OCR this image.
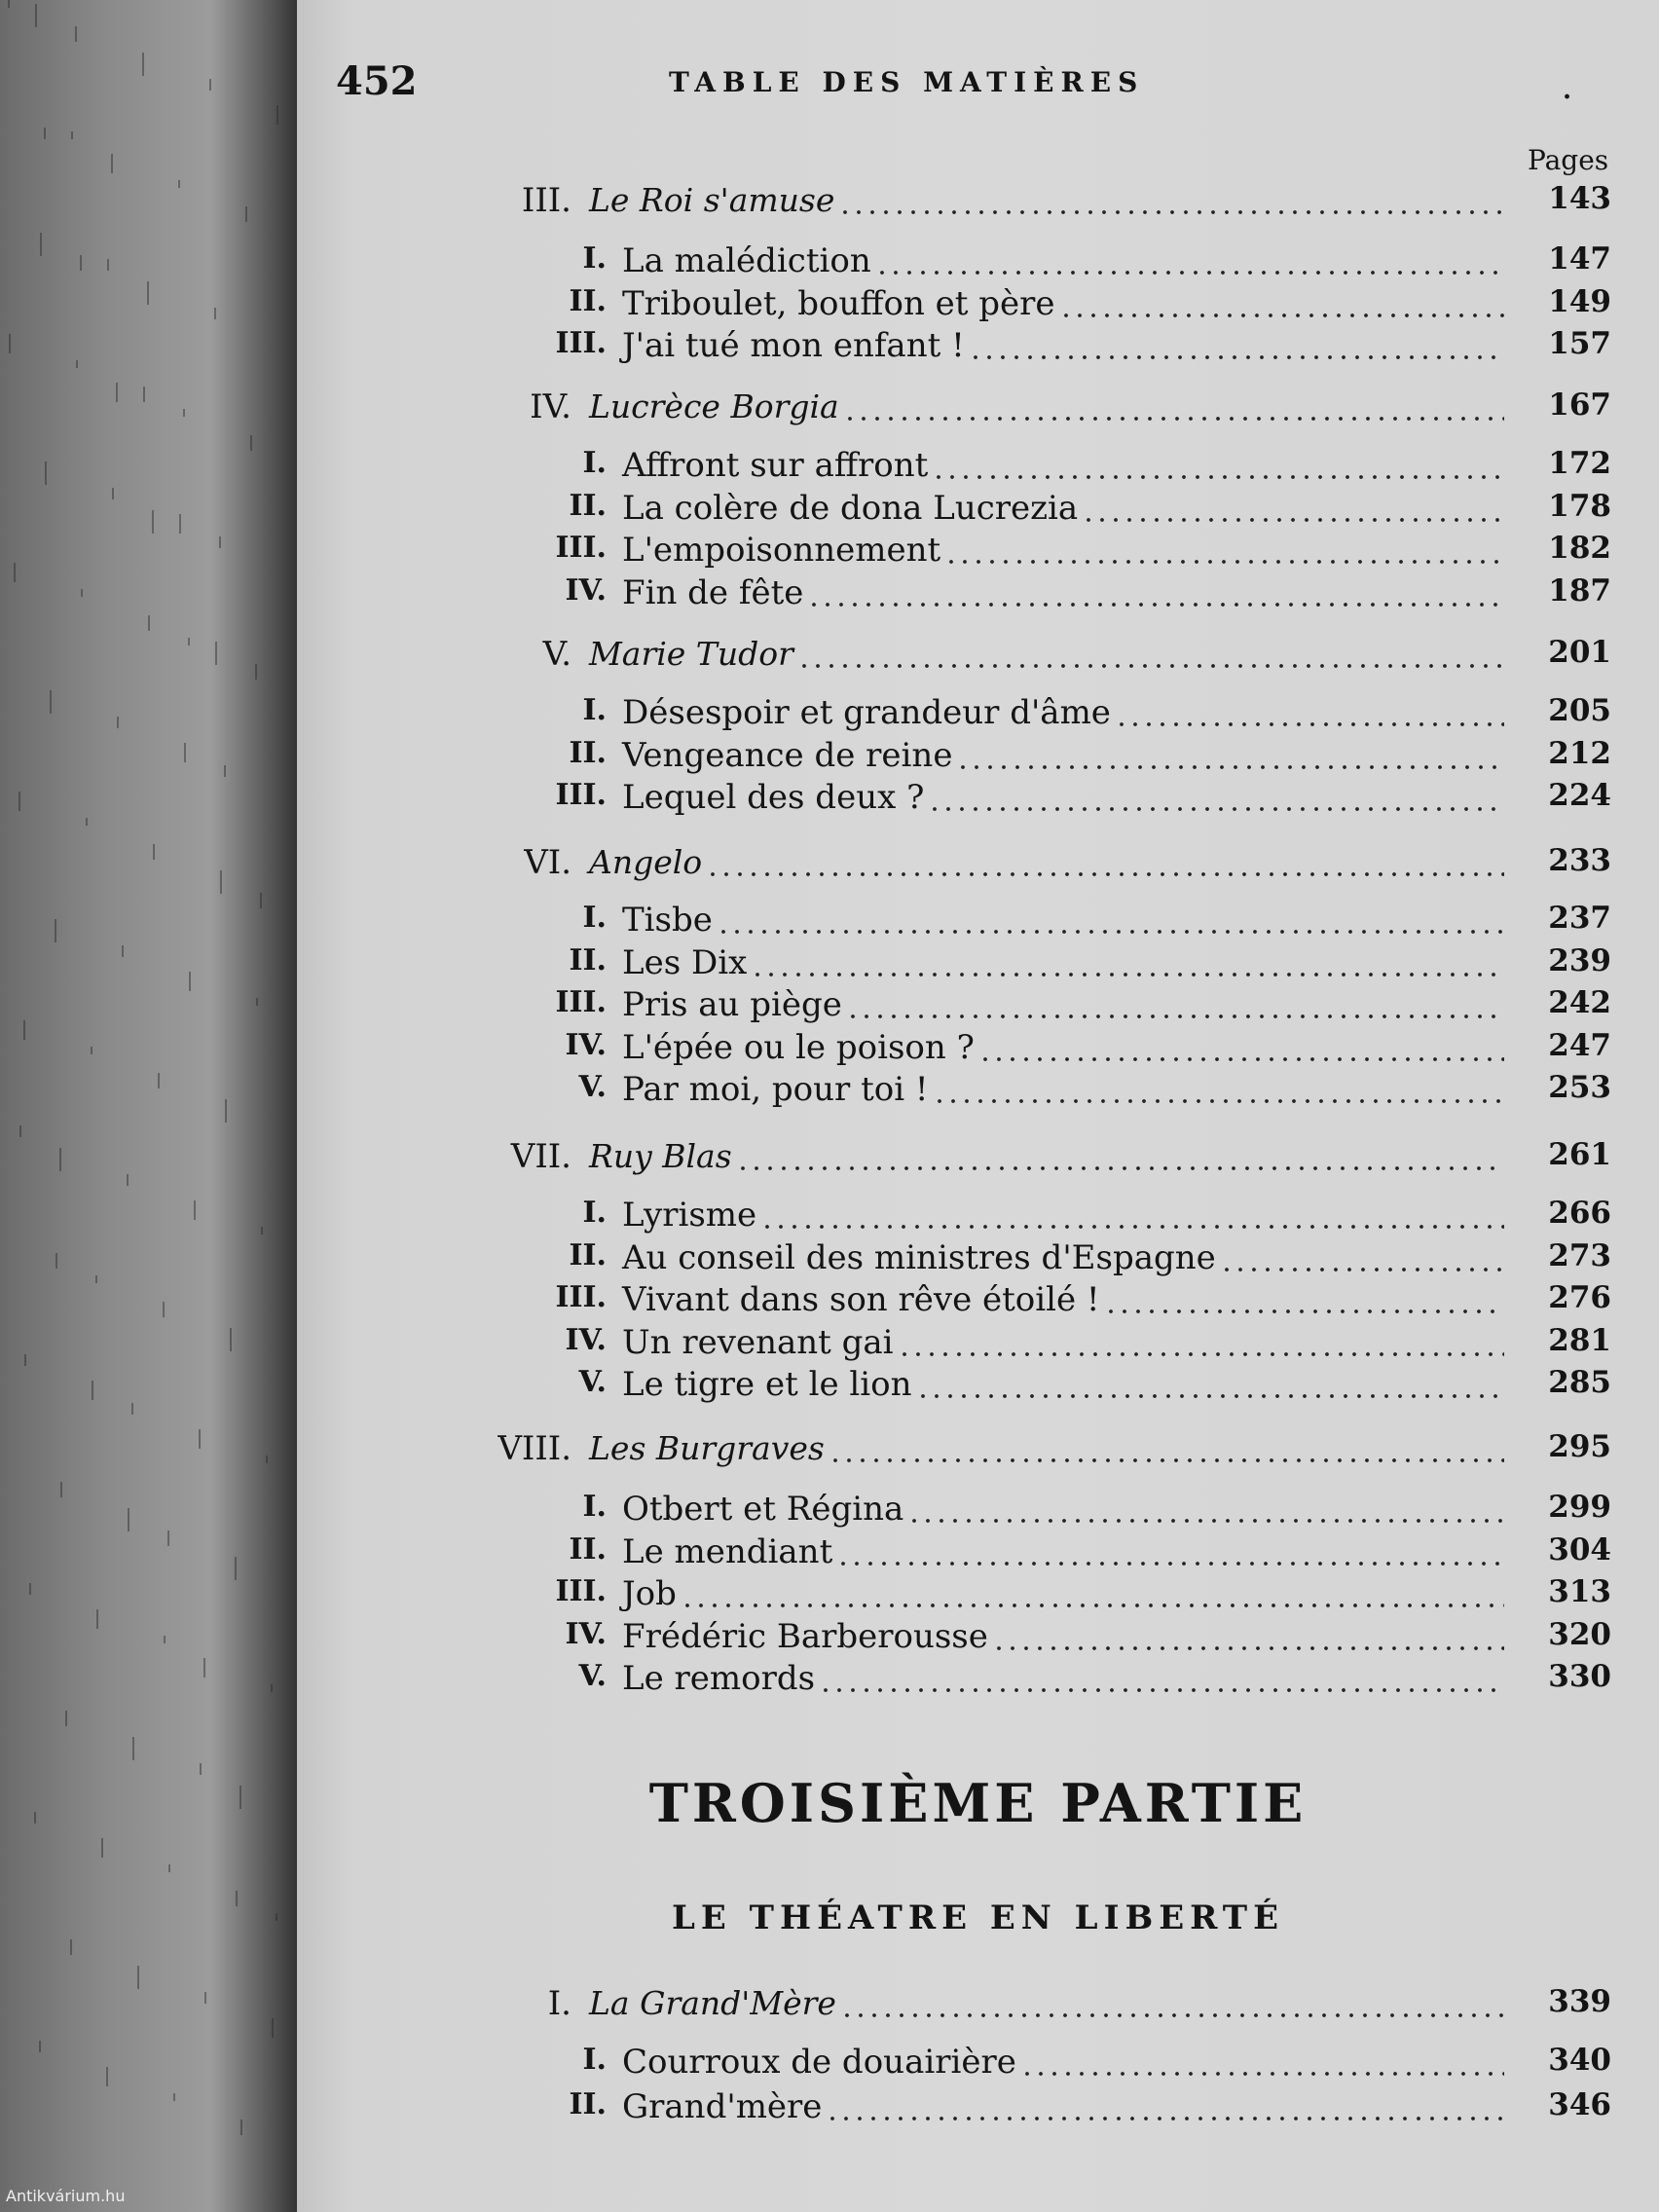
452	TABLE DES MATIÈRES	.
Pages
III. Le Roi s'amuse	143
I. La malédiction	147
II. Triboulet, bouffon et père	149
III. J'ai tué mon enfant !	157
IV. Lucrèce Borgia	167
I. Affront sur affront	172
II. La colère de dona Lucrezia	178
III. L'empoisonnement	182
IV. Fin de fête	187
V. Marie Tudor	201
I. Désespoir et grandeur d'âme	205
II. Vengeance de reine	212
III. Lequel des deux ?	224
VI. Angelo	233
I. Tisbe	237
II. Les Dix	239
III. Pris au piège	242
IV. L'épée ou le poison ?	247
V. Par moi, pour toi !	253
VII. Ruy Blas	261
I. Lyrisme	266
II. Au conseil des ministres d'Espagne	273
III. Vivant dans son rêve étoilé !	276
IV. Un revenant gai	281
V. Le tigre et le lion	285
VIII. Les Burgraves	295
I. Otbert et Régina	299
II. Le mendiant	304
III. Job	313
IV. Frédéric Barberousse	320
V. Le remords	330
TROISIÈME PARTIE
LE THÉATRE EN LIBERTÉ
I. La Grand'Mère	339
I. Courroux de douairière	340
II. Grand'mère	346
Antikvárium.hu
